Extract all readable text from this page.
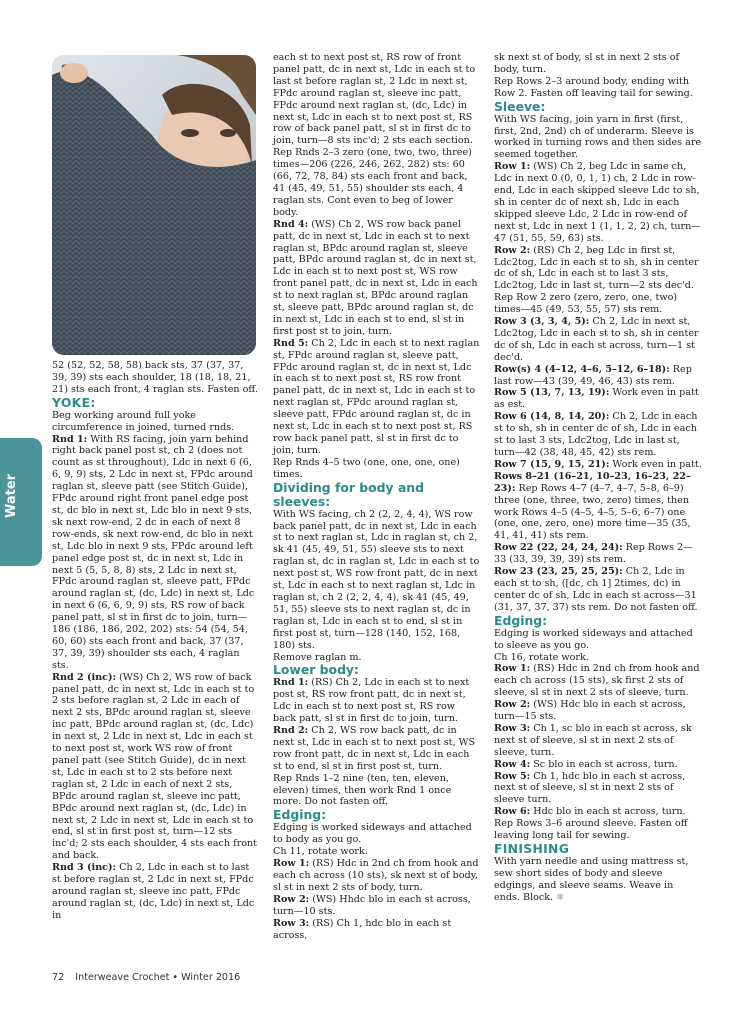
Water

52 (52, 52, 58, 58) back sts, 37 (37, 37, 39, 39) sts each shoulder, 18 (18, 18, 21, 21) sts each front, 4 raglan sts. Fasten off.

YOKE:

Beg working around full yoke circumference in joined, turned rnds.

Rnd 1: With RS facing, join yarn behind right back panel post st, ch 2 (does not count as st throughout), Ldc in next 6 (6, 6, 9, 9) sts, 2 Ldc in next st, FPdc around raglan st, sleeve patt (see Stitch Guide), FPdc around right front panel edge post st, dc blo in next st, Ldc blo in next 9 sts, sk next row-end, 2 dc in each of next 8 row-ends, sk next row-end, dc blo in next st, Ldc blo in next 9 sts, FPdc around left panel edge post st, dc in next st, Ldc in next 5 (5, 5, 8, 8) sts, 2 Ldc in next st, FPdc around raglan st, sleeve patt, FPdc around raglan st, (dc, Ldc) in next st, Ldc in next 6 (6, 6, 9, 9) sts, RS row of back panel patt, sl st in first dc to join, turn—186 (186, 186, 202, 202) sts: 54 (54, 54, 60, 60) sts each front and back, 37 (37, 37, 39, 39) shoulder sts each, 4 raglan sts.

Rnd 2 (inc): (WS) Ch 2, WS row of back panel patt, dc in next st, Ldc in each st to 2 sts before raglan st, 2 Ldc in each of next 2 sts, BPdc around raglan st, sleeve inc patt, BPdc around raglan st, (dc, Ldc) in next st, 2 Ldc in next st, Ldc in each st to next post st, work WS row of front panel patt (see Stitch Guide), dc in next st, Ldc in each st to 2 sts before next raglan st, 2 Ldc in each of next 2 sts, BPdc around raglan st, sleeve inc patt, BPdc around next raglan st, (dc, Ldc) in next st, 2 Ldc in next st, Ldc in each st to end, sl st in first post st, turn—12 sts inc'd; 2 sts each shoulder, 4 sts each front and back.

Rnd 3 (inc): Ch 2, Ldc in each st to last st before raglan st, 2 Ldc in next st, FPdc around raglan st, sleeve inc patt, FPdc around raglan st, (dc, Ldc) in next st, Ldc in

each st to next post st, RS row of front panel patt, dc in next st, Ldc in each st to last st before raglan st, 2 Ldc in next st, FPdc around raglan st, sleeve inc patt, FPdc around next raglan st, (dc, Ldc) in next st, Ldc in each st to next post st, RS row of back panel patt, sl st in first dc to join, turn—8 sts inc'd; 2 sts each section.

Rep Rnds 2–3 zero (one, two, two, three) times—206 (226, 246, 262, 282) sts: 60 (66, 72, 78, 84) sts each front and back, 41 (45, 49, 51, 55) shoulder sts each, 4 raglan sts. Cont even to beg of lower body.

Rnd 4: (WS) Ch 2, WS row back panel patt, dc in next st, Ldc in each st to next raglan st, BPdc around raglan st, sleeve patt, BPdc around raglan st, dc in next st, Ldc in each st to next post st, WS row front panel patt, dc in next st, Ldc in each st to next raglan st, BPdc around raglan st, sleeve patt, BPdc around raglan st, dc in next st, Ldc in each st to end, sl st in first post st to join, turn.

Rnd 5: Ch 2, Ldc in each st to next raglan st, FPdc around raglan st, sleeve patt, FPdc around raglan st, dc in next st, Ldc in each st to next post st, RS row front panel patt, dc in next st, Ldc in each st to next raglan st, FPdc around raglan st, sleeve patt, FPdc around raglan st, dc in next st, Ldc in each st to next post st, RS row back panel patt, sl st in first dc to join, turn.

Rep Rnds 4–5 two (one, one, one, one) times.

Dividing for body and sleeves:

With WS facing, ch 2 (2, 2, 4, 4), WS row back panel patt, dc in next st, Ldc in each st to next raglan st, Ldc in raglan st, ch 2, sk 41 (45, 49, 51, 55) sleeve sts to next raglan st, dc in raglan st, Ldc in each st to next post st, WS row front patt, dc in next st, Ldc in each st to next raglan st, Ldc in raglan st, ch 2 (2, 2, 4, 4), sk 41 (45, 49, 51, 55) sleeve sts to next raglan st, dc in raglan st, Ldc in each st to end, sl st in first post st, turn—128 (140, 152, 168, 180) sts.

Remove raglan m.

Lower body:

Rnd 1: (RS) Ch 2, Ldc in each st to next post st, RS row front patt, dc in next st, Ldc in each st to next post st, RS row back patt, sl st in first dc to join, turn.

Rnd 2: Ch 2, WS row back patt, dc in next st, Ldc in each st to next post st, WS row front patt, dc in next st, Ldc in each st to end, sl st in first post st, turn.

Rep Rnds 1–2 nine (ten, ten, eleven, eleven) times, then work Rnd 1 once more. Do not fasten off.

Edging:

Edging is worked sideways and attached to body as you go.

Ch 11, rotate work.

Row 1: (RS) Hdc in 2nd ch from hook and each ch across (10 sts), sk next st of body, sl st in next 2 sts of body, turn.

Row 2: (WS) Hhdc blo in each st across, turn—10 sts.

Row 3: (RS) Ch 1, hdc blo in each st across,

sk next st of body, sl st in next 2 sts of body, turn.

Rep Rows 2–3 around body, ending with Row 2. Fasten off leaving tail for sewing.

Sleeve:

With WS facing, join yarn in first (first, first, 2nd, 2nd) ch of underarm. Sleeve is worked in turning rows and then sides are seemed together.

Row 1: (WS) Ch 2, beg Ldc in same ch, Ldc in next 0 (0, 0, 1, 1) ch, 2 Ldc in row-end, Ldc in each skipped sleeve Ldc to sh, sh in center dc of next sh, Ldc in each skipped sleeve Ldc, 2 Ldc in row-end of next st, Ldc in next 1 (1, 1, 2, 2) ch, turn—47 (51, 55, 59, 63) sts.

Row 2: (RS) Ch 2, beg Ldc in first st, Ldc2tog, Ldc in each st to sh, sh in center dc of sh, Ldc in each st to last 3 sts, Ldc2tog, Ldc in last st, turn—2 sts dec'd.

Rep Row 2 zero (zero, zero, one, two) times—45 (49, 53, 55, 57) sts rem.

Row 3 (3, 3, 4, 5): Ch 2, Ldc in next st, Ldc2tog, Ldc in each st to sh, sh in center dc of sh, Ldc in each st across, turn—1 st dec'd.

Row(s) 4 (4–12, 4–6, 5–12, 6–18): Rep last row—43 (39, 49, 46, 43) sts rem.

Row 5 (13, 7, 13, 19): Work even in patt as est.

Row 6 (14, 8, 14, 20): Ch 2, Ldc in each st to sh, sh in center dc of sh, Ldc in each st to last 3 sts, Ldc2tog, Ldc in last st, turn—42 (38, 48, 45, 42) sts rem.

Row 7 (15, 9, 15, 21): Work even in patt.

Rows 8–21 (16–21, 10–23, 16–23, 22–23): Rep Rows 4–7 (4–7, 4–7, 5–8, 6–9) three (one, three, two, zero) times, then work Rows 4–5 (4–5, 4–5, 5–6, 6–7) one (one, one, zero, one) more time—35 (35, 41, 41, 41) sts rem.

Row 22 (22, 24, 24, 24): Rep Rows 2—33 (33, 39, 39, 39) sts rem.

Row 23 (23, 25, 25, 25): Ch 2, Ldc in each st to sh, ([dc, ch 1] 2times, dc) in center dc of sh, Ldc in each st across—31 (31, 37, 37, 37) sts rem. Do not fasten off.

Edging:

Edging is worked sideways and attached to sleeve as you go.

Ch 16, rotate work.

Row 1: (RS) Hdc in 2nd ch from hook and each ch across (15 sts), sk first 2 sts of sleeve, sl st in next 2 sts of sleeve, turn.

Row 2: (WS) Hdc blo in each st across, turn—15 sts.

Row 3: Ch 1, sc blo in each st across, sk next st of sleeve, sl st in next 2 sts of sleeve, turn.

Row 4: Sc blo in each st across, turn.

Row 5: Ch 1, hdc blo in each st across, next st of sleeve, sl st in next 2 sts of sleeve turn.

Row 6: Hdc blo in each st across, turn.

Rep Rows 3–6 around sleeve. Fasten off leaving long tail for sewing.

FINISHING

With yarn needle and using mattress st, sew short sides of body and sleeve edgings, and sleeve seams. Weave in ends. Block. ❄

72 Interweave Crochet • Winter 2016
